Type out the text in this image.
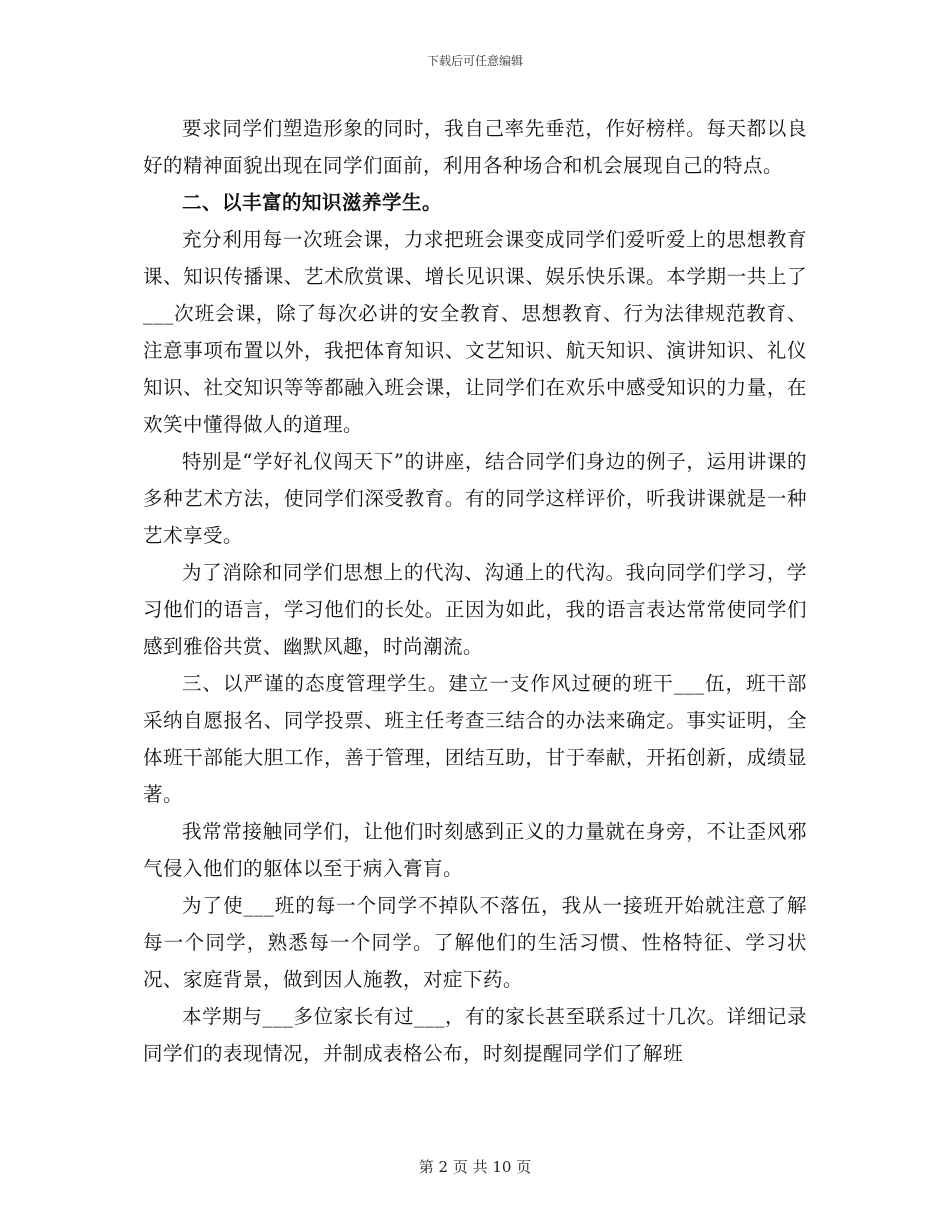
下载后可任意编辑

要求同学们塑造形象的同时，我自己率先垂范，作好榜样。每天都以良好的精神面貌出现在同学们面前，利用各种场合和机会展现自己的特点。

二、以丰富的知识滋养学生。

充分利用每一次班会课，力求把班会课变成同学们爱听爱上的思想教育课、知识传播课、艺术欣赏课、增长见识课、娱乐快乐课。本学期一共上了___次班会课，除了每次必讲的安全教育、思想教育、行为法律规范教育、注意事项布置以外，我把体育知识、文艺知识、航天知识、演讲知识、礼仪知识、社交知识等等都融入班会课，让同学们在欢乐中感受知识的力量，在欢笑中懂得做人的道理。

特别是“学好礼仪闯天下”的讲座，结合同学们身边的例子，运用讲课的多种艺术方法，使同学们深受教育。有的同学这样评价，听我讲课就是一种艺术享受。

为了消除和同学们思想上的代沟、沟通上的代沟。我向同学们学习，学习他们的语言，学习他们的长处。正因为如此，我的语言表达常常使同学们感到雅俗共赏、幽默风趣，时尚潮流。

三、以严谨的态度管理学生。建立一支作风过硬的班干___伍，班干部采纳自愿报名、同学投票、班主任考查三结合的办法来确定。事实证明，全体班干部能大胆工作，善于管理，团结互助，甘于奉献，开拓创新，成绩显著。

我常常接触同学们，让他们时刻感到正义的力量就在身旁，不让歪风邪气侵入他们的躯体以至于病入膏肓。

为了使___班的每一个同学不掉队不落伍，我从一接班开始就注意了解每一个同学，熟悉每一个同学。了解他们的生活习惯、性格特征、学习状况、家庭背景，做到因人施教，对症下药。

本学期与___多位家长有过___，有的家长甚至联系过十几次。详细记录同学们的表现情况，并制成表格公布，时刻提醒同学们了解班

第 2 页 共 10 页
